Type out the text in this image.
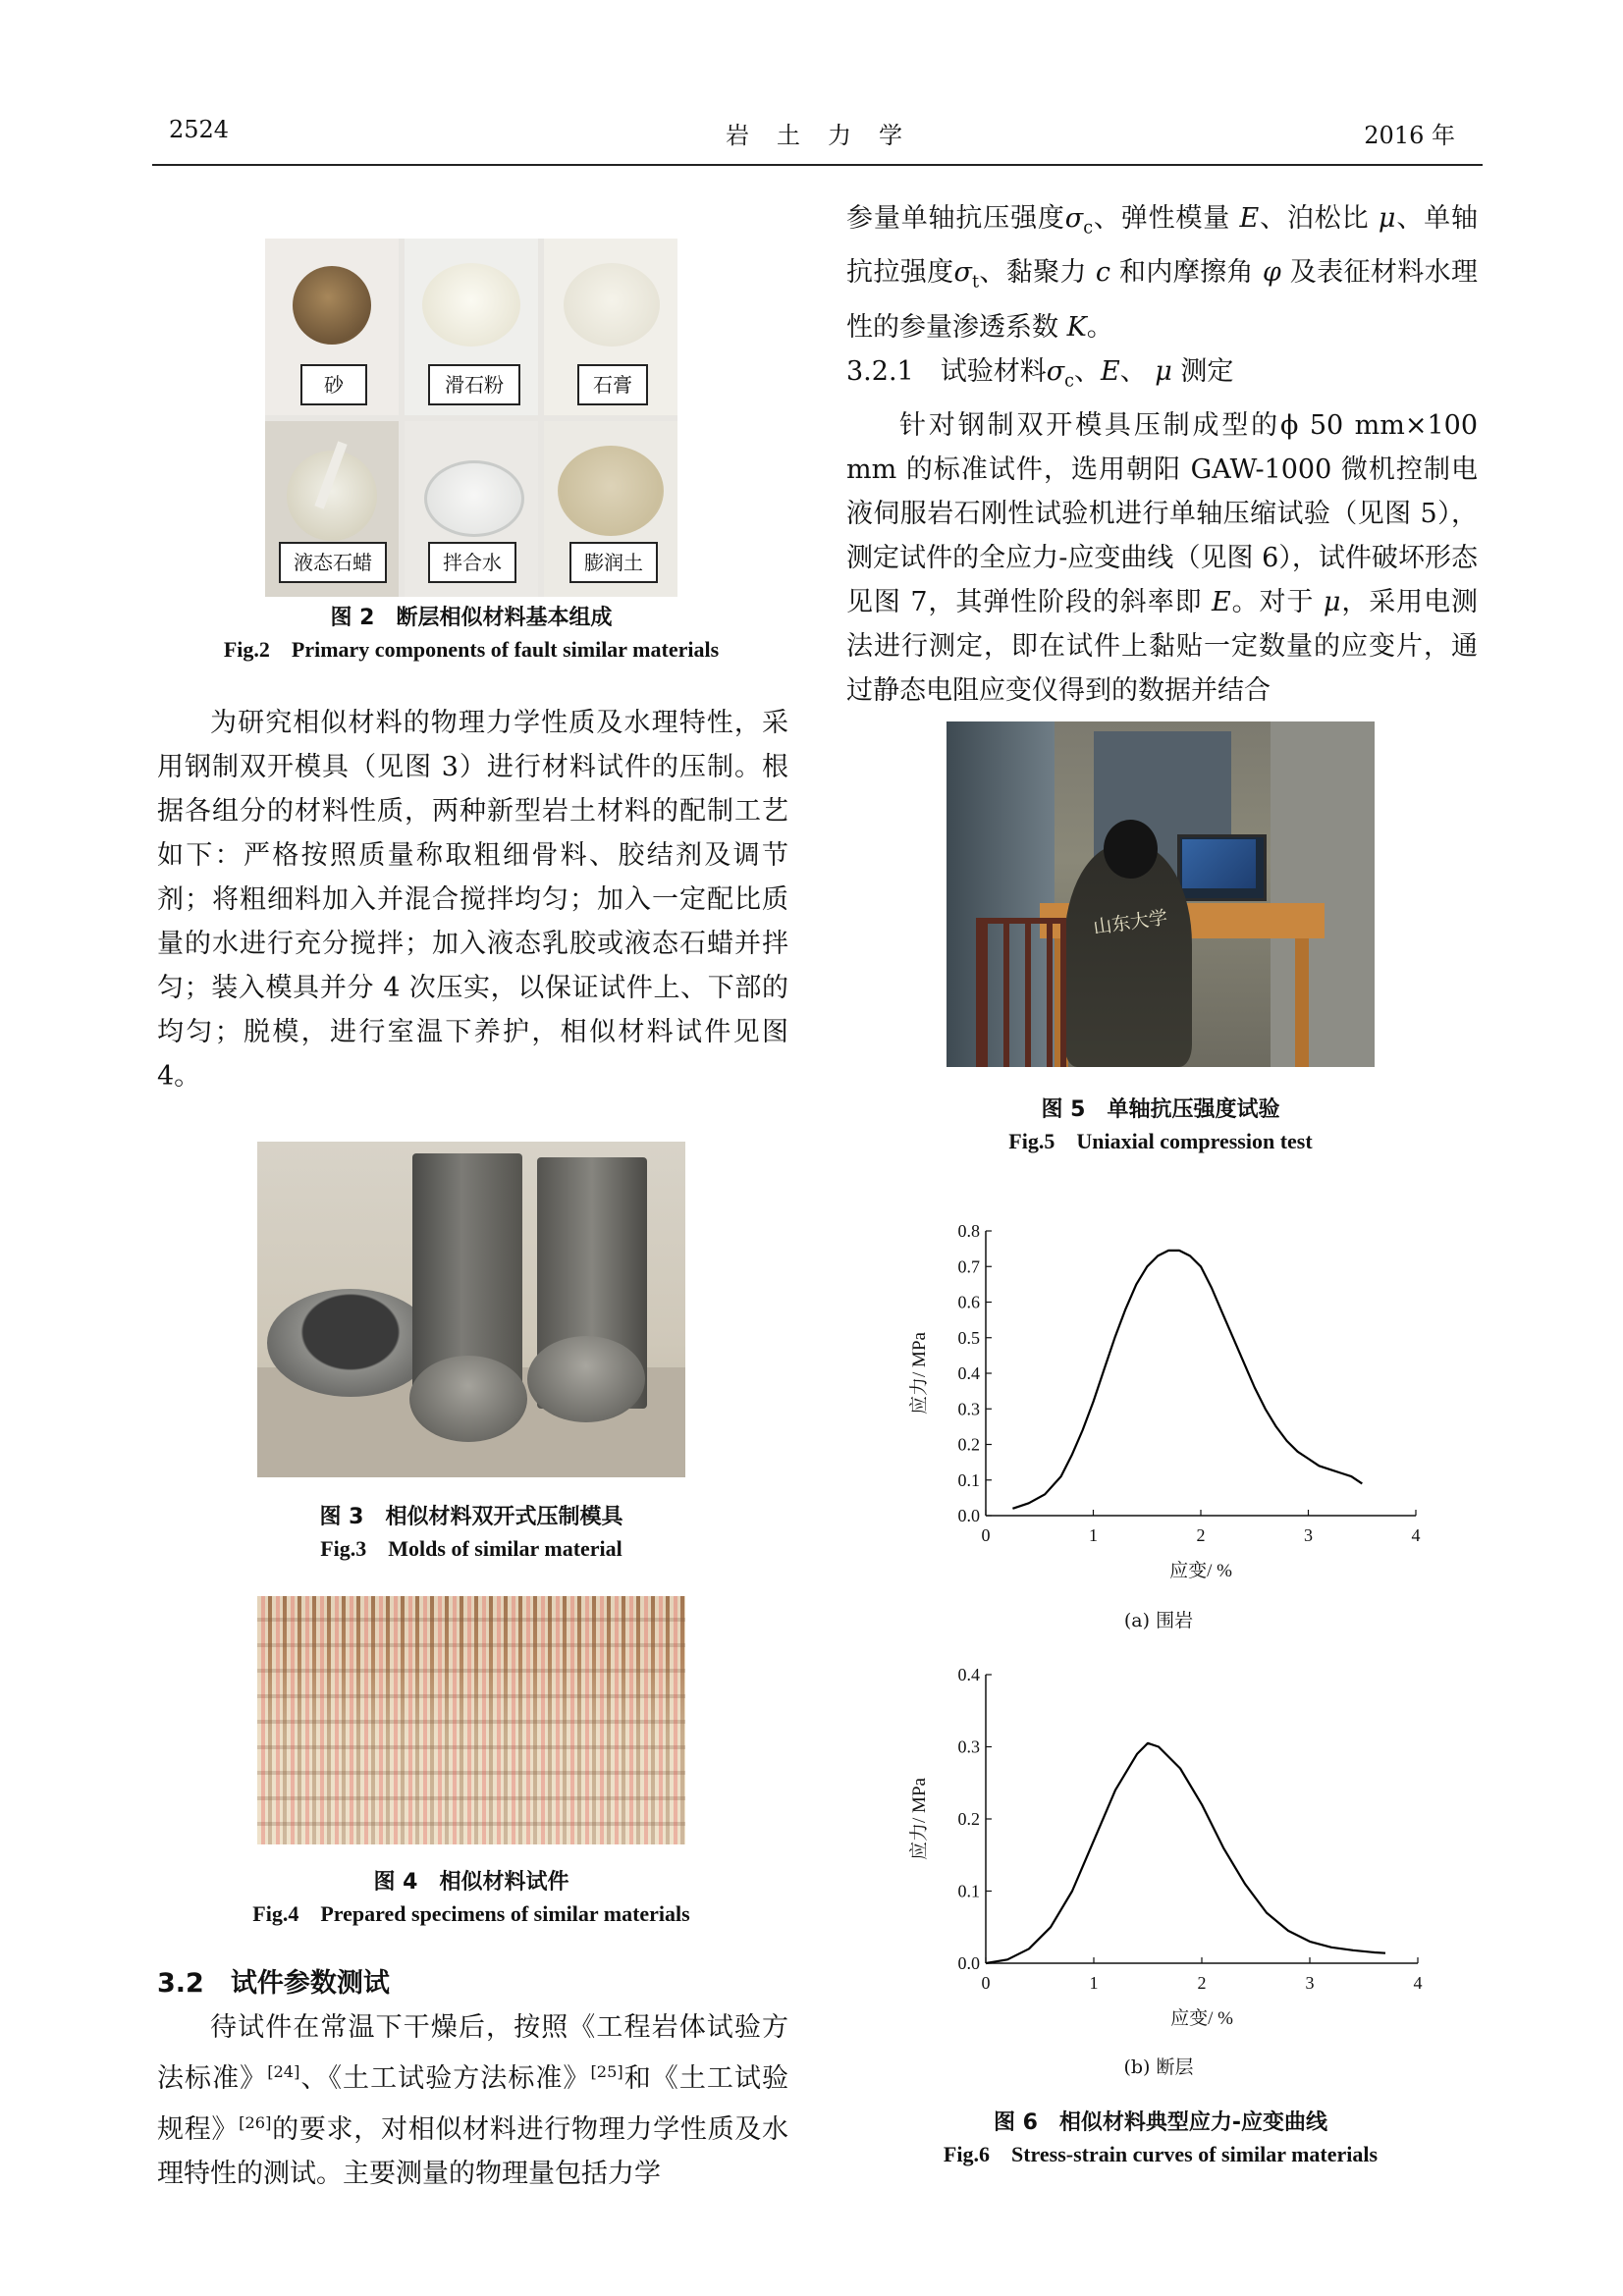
2524	岩　土　力　学	2016 年
砂	滑石粉	石膏
液态石蜡	拌合水	膨润土
图 2　断层相似材料基本组成
Fig.2　Primary components of fault similar materials

为研究相似材料的物理力学性质及水理特性，采用钢制双开模具（见图 3）进行材料试件的压制。根据各组分的材料性质，两种新型岩土材料的配制工艺如下：严格按照质量称取粗细骨料、胶结剂及调节剂；将粗细料加入并混合搅拌均匀；加入一定配比质量的水进行充分搅拌；加入液态乳胶或液态石蜡并拌匀；装入模具并分 4 次压实，以保证试件上、下部的均匀；脱模，进行室温下养护，相似材料试件见图 4。

图 3　相似材料双开式压制模具
Fig.3　Molds of similar material
图 4　相似材料试件
Fig.4　Prepared specimens of similar materials

3.2　试件参数测试

待试件在常温下干燥后，按照《工程岩体试验方法标准》[24]、《土工试验方法标准》[25]和《土工试验规程》[26]的要求，对相似材料进行物理力学性质及水理特性的测试。主要测量的物理量包括力学

参量单轴抗压强度$\sigma_c$、弹性模量 E、泊松比 μ、单轴抗拉强度$\sigma_t$、黏聚力 c 和内摩擦角 φ 及表征材料水理性的参量渗透系数 K。

3.2.1　试验材料$\sigma_c$、E、 μ 测定

针对钢制双开模具压制成型的ϕ 50 mm×100 mm 的标准试件，选用朝阳 GAW-1000 微机控制电液伺服岩石刚性试验机进行单轴压缩试验（见图 5），测定试件的全应力-应变曲线（见图 6），试件破坏形态见图 7，其弹性阶段的斜率即 E。对于 μ，采用电测法进行测定，即在试件上黏贴一定数量的应变片，通过静态电阻应变仪得到的数据并结合

山东大学
图 5　单轴抗压强度试验
Fig.5　Uniaxial compression test
0	1	2	3	4
0.0
0.1
0.2
0.3
0.4
0.5
0.6
0.7
0.8
应变/ %
应力/ MPa
(a) 围岩
0	1	2	3	4
0.0
0.1
0.2
0.3
0.4
应变/ %
应力/ MPa
(b) 断层
图 6　相似材料典型应力-应变曲线
Fig.6　Stress-strain curves of similar materials
